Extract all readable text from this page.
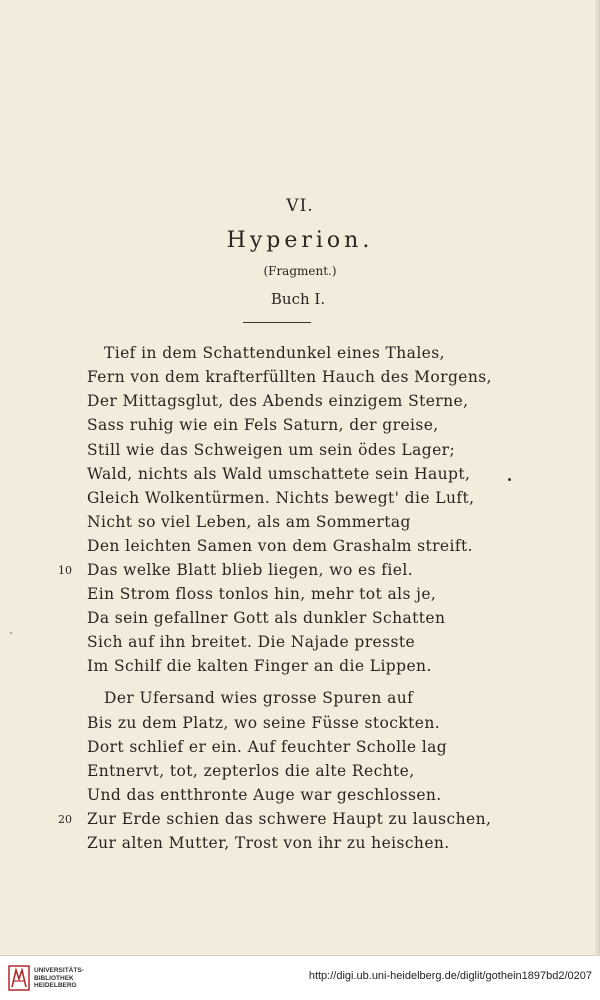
VI.
Hyperion.
(Fragment.)
Buch I.
Tief in dem Schattendunkel eines Thales,
Fern von dem krafterfüllten Hauch des Morgens,
Der Mittagsglut, des Abends einzigem Sterne,
Sass ruhig wie ein Fels Saturn, der greise,
Still wie das Schweigen um sein ödes Lager;
Wald, nichts als Wald umschattete sein Haupt,
Gleich Wolkentürmen. Nichts bewegt' die Luft,
Nicht so viel Leben, als am Sommertag
Den leichten Samen von dem Grashalm streift.
10 Das welke Blatt blieb liegen, wo es fiel.
Ein Strom floss tonlos hin, mehr tot als je,
Da sein gefallner Gott als dunkler Schatten
Sich auf ihn breitet. Die Najade presste
Im Schilf die kalten Finger an die Lippen.
Der Ufersand wies grosse Spuren auf
Bis zu dem Platz, wo seine Füsse stockten.
Dort schlief er ein. Auf feuchter Scholle lag
Entnervt, tot, zepterlos die alte Rechte,
Und das entthronte Auge war geschlossen.
20 Zur Erde schien das schwere Haupt zu lauschen,
Zur alten Mutter, Trost von ihr zu heischen.
UNIVERSITÄTS-
BIBLIOTHEK
HEIDELBERG
http://digi.ub.uni-heidelberg.de/diglit/gothein1897bd2/0207
